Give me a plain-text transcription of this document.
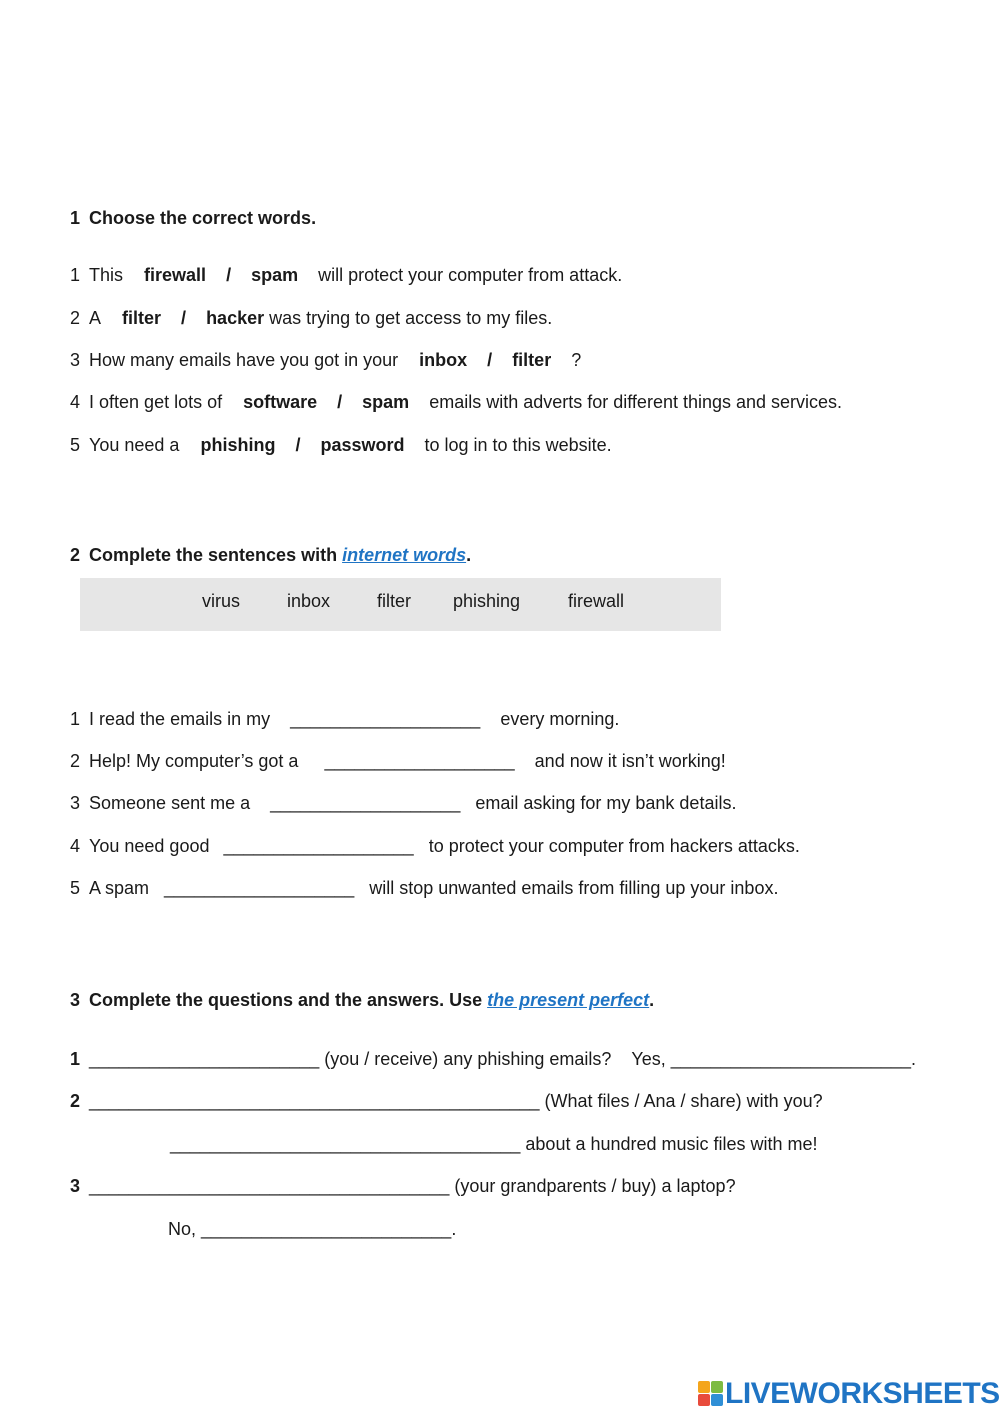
1 Choose the correct words.

1 This firewall / spam will protect your computer from attack.

2 A filter / hacker was trying to get access to my files.

3 How many emails have you got in your inbox / filter ?

4 I often get lots of software / spam emails with adverts for different things and services.

5 You need a phishing / password to log in to this website.

2 Complete the sentences with internet words.

virus	inbox	filter phishing	firewall

1 I read the emails in my ___________________ every morning.

2 Help! My computer’s got a ___________________ and now it isn’t working!

3 Someone sent me a ___________________ email asking for my bank details.

4 You need good ___________________ to protect your computer from hackers attacks.

5 A spam ___________________ will stop unwanted emails from filling up your inbox.

3 Complete the questions and the answers. Use the present perfect.

1 _______________________ (you / receive) any phishing emails? Yes, ________________________.

2 _____________________________________________ (What files / Ana / share) with you?

___________________________________ about a hundred music files with me!

3 ____________________________________ (your grandparents / buy) a laptop?

No, _________________________.

LIVEWORKSHEETS
